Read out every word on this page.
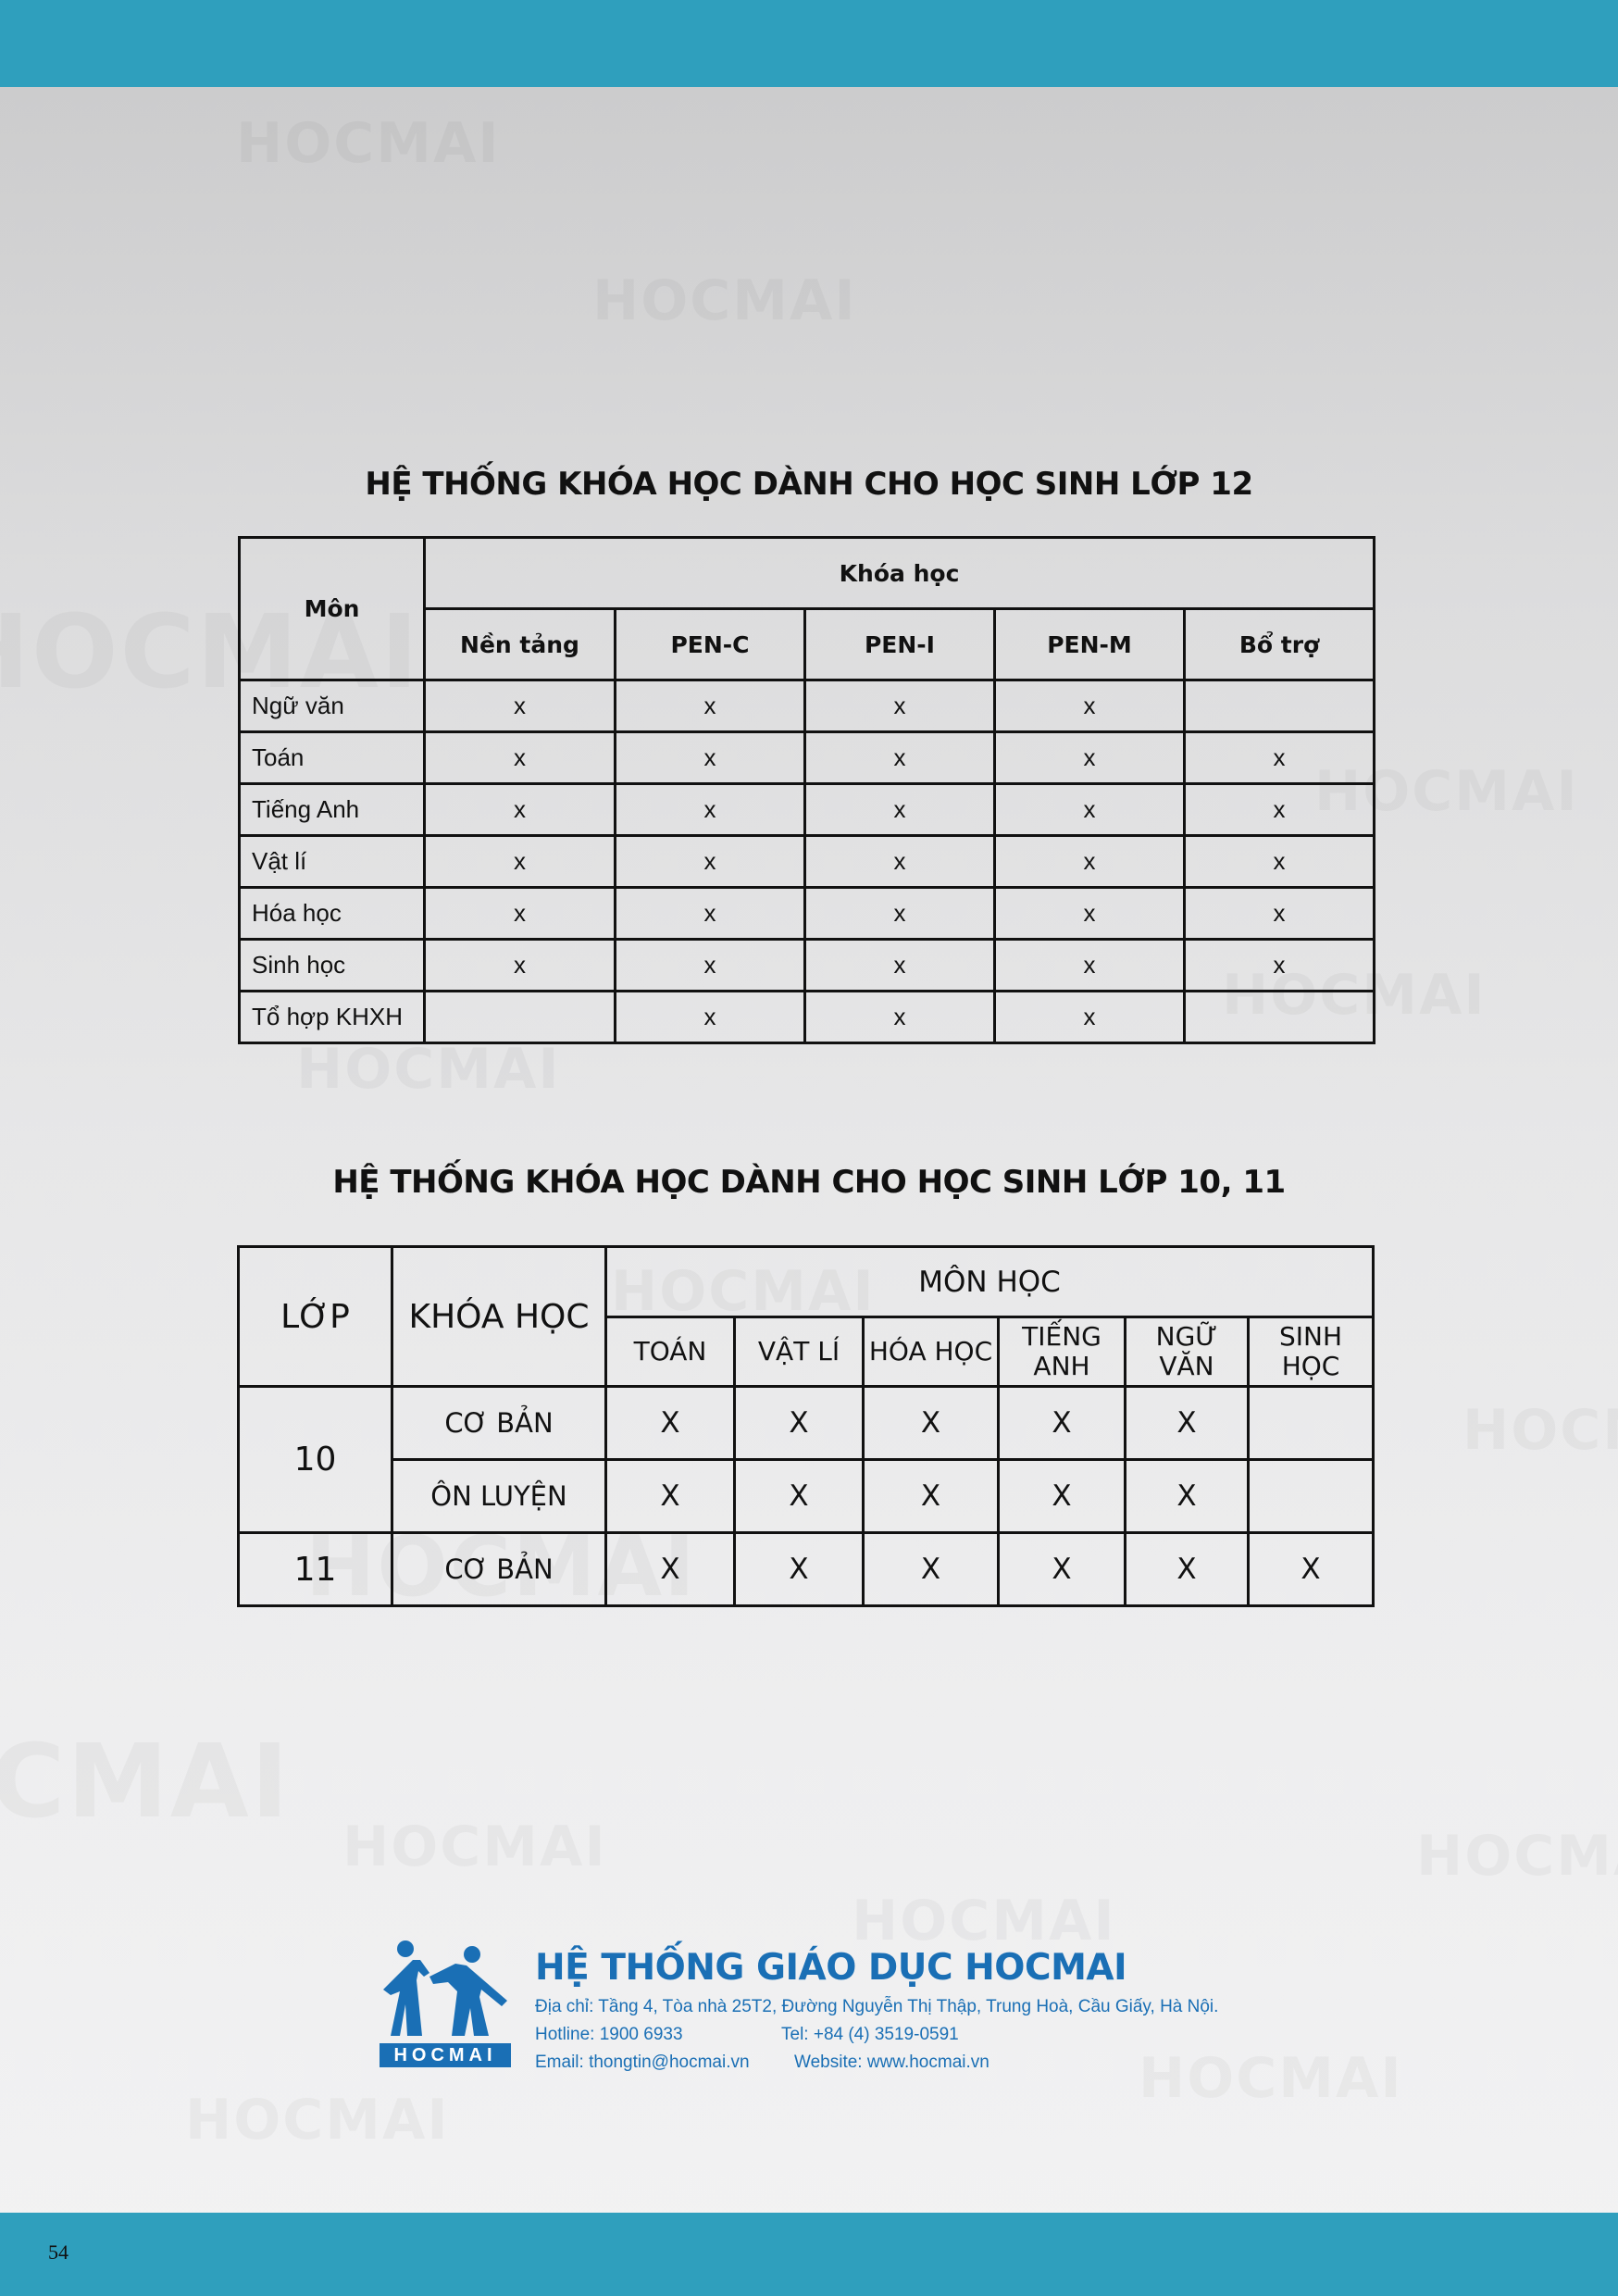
HỆ THỐNG KHÓA HỌC DÀNH CHO HỌC SINH LỚP 12
Môn	Khóa học				
	Nền tảng	PEN-C	PEN-I	PEN-M	Bổ trợ
Ngữ văn	x	x	x	x	
Toán	x	x	x	x	x
Tiếng Anh	x	x	x	x	x
Vật lí	x	x	x	x	x
Hóa học	x	x	x	x	x
Sinh học	x	x	x	x	x
Tổ hợp KHXH		x	x	x	
HỆ THỐNG KHÓA HỌC DÀNH CHO HỌC SINH LỚP 10, 11
LỚP	KHÓA HỌC	MÔN HỌC					
		TOÁN	VẬT LÍ	HÓA HỌC	TIẾNG ANH	NGỮ VĂN	SINH HỌC
10	CƠ BẢN	X	X	X	X	X	
	ÔN LUYỆN	X	X	X	X	X	
11	CƠ BẢN	X	X	X	X	X	X
HOCMAI
HỆ THỐNG GIÁO DỤC HOCMAI
Địa chỉ: Tầng 4, Tòa nhà 25T2, Đường Nguyễn Thị Thập, Trung Hoà, Cầu Giấy, Hà Nội.
Hotline: 1900 6933	Tel: +84 (4) 3519-0591
Email: thongtin@hocmai.vn	Website: www.hocmai.vn
54
